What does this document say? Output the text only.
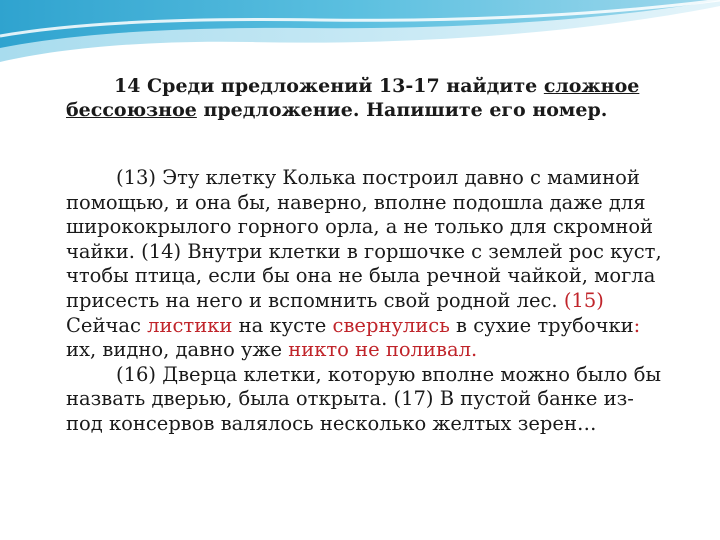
14 Среди предложений 13-17 найдите сложное бессоюзное предложение. Напишите его номер.

(13) Эту клетку Колька построил давно с маминой помощью, и она бы, наверно, вполне подошла даже для ширококрылого горного орла, а не только для скромной чайки. (14) Внутри клетки в горшочке с землей рос куст, чтобы птица, если бы она не была речной чайкой, могла присесть на него и вспомнить свой родной лес. (15) Сейчас листики на кусте свернулись в сухие трубочки: их, видно, давно уже никто не поливал.

(16) Дверца клетки, которую вполне можно было бы назвать дверью, была открыта. (17) В пустой банке из-под консервов валялось несколько желтых зерен…
